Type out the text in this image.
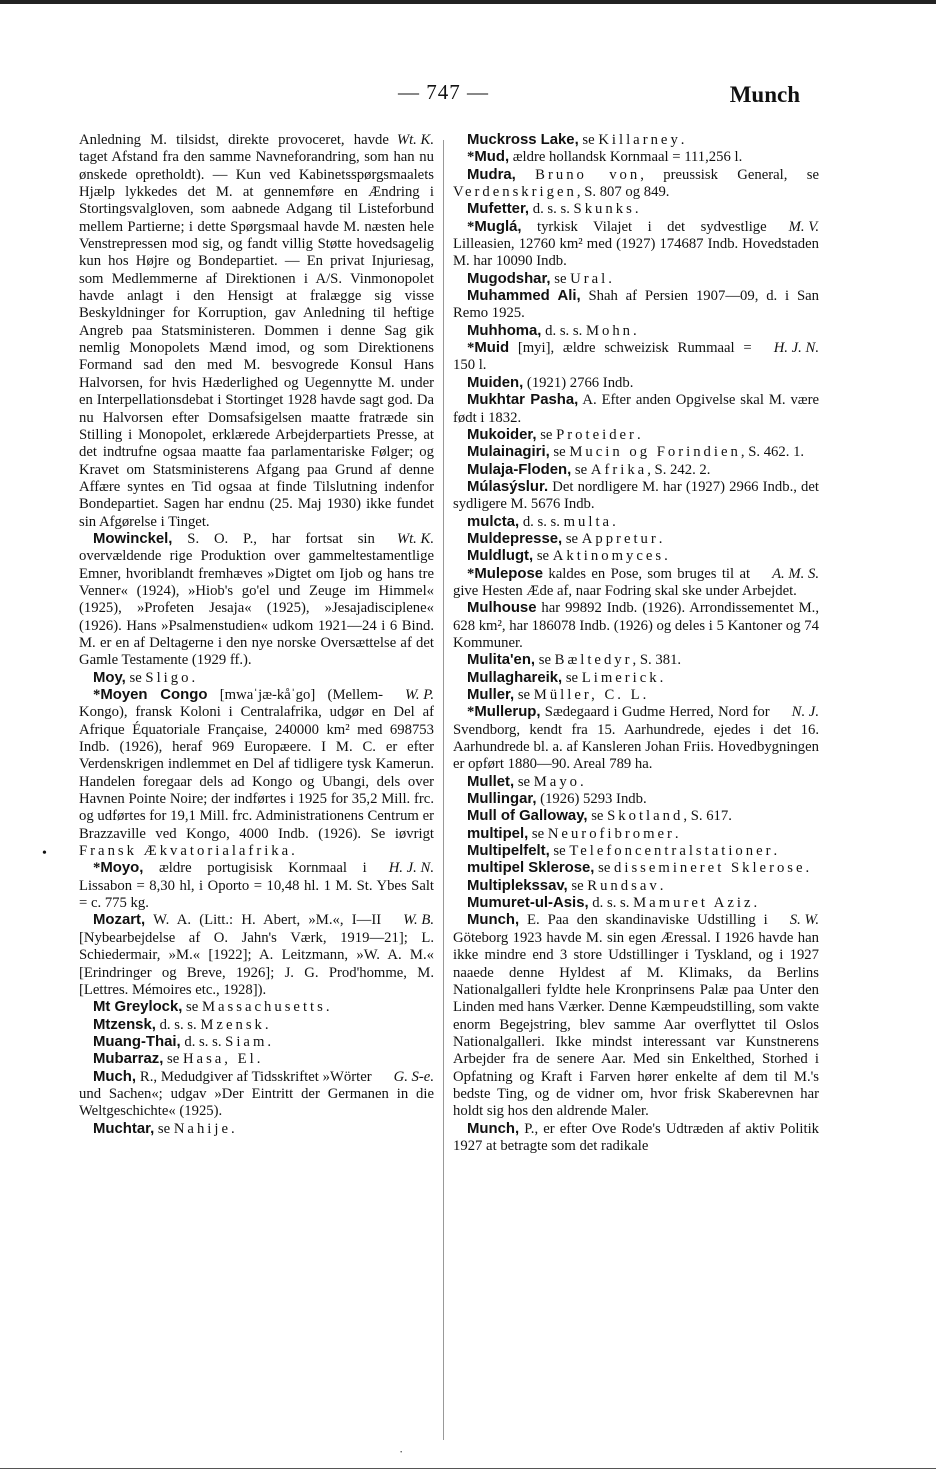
— 747 —	Munch

Wt. K.
Anledning M. tilsidst, direkte provoceret, havde taget Afstand fra den samme Navneforandring, som han nu ønskede opretholdt). — Kun ved Kabinetsspørgsmaalets Hjælp lykkedes det M. at gennemføre en Ændring i Stortingsvalgloven, som aabnede Adgang til Listeforbund mellem Partierne; i dette Spørgsmaal havde M. næsten hele Venstrepressen mod sig, og fandt villig Støtte hovedsagelig kun hos Højre og Bondepartiet. — En privat Injuriesag, som Medlemmerne af Direktionen i A/S. Vinmonopolet havde anlagt i den Hensigt at fralægge sig visse Beskyldninger for Korruption, gav Anledning til heftige Angreb paa Statsministeren. Dommen i denne Sag gik nemlig Monopolets Mænd imod, og som Direktionens Formand sad den med M. besvogrede Konsul Hans Halvorsen, for hvis Hæderlighed og Uegennytte M. under en Interpellationsdebat i Stortinget 1928 havde sagt god. Da nu Halvorsen efter Domsafsigelsen maatte fratræde sin Stilling i Monopolet, erklærede Arbejderpartiets Presse, at det indtrufne ogsaa maatte faa parlamentariske Følger; og Kravet om Statsministerens Afgang paa Grund af denne Affære syntes en Tid ogsaa at finde Tilslutning indenfor Bondepartiet. Sagen har endnu (25. Maj 1930) ikke fundet sin Afgørelse i Tinget.

Wt. K.
Mowinckel, S. O. P., har fortsat sin overvældende rige Produktion over gammeltestamentlige Emner, hvoriblandt fremhæves »Digtet om Ijob og hans tre Venner« (1924), »Hiob's go'el und Zeuge im Himmel« (1925), »Profeten Jesaja« (1925), »Jesajadisciplene« (1926). Hans »Psalmenstudien« udkom 1921—24 i 6 Bind. M. er en af Deltagerne i den nye norske Oversættelse af det Gamle Testamente (1929 ff.).

Moy, se Sligo.

W. P.
*Moyen Congo [mwaˈjæ-kåˈgo] (Mellem-Kongo), fransk Koloni i Centralafrika, udgør en Del af Afrique Équatoriale Française, 240000 km² med 698753 Indb. (1926), heraf 969 Europæere. I M. C. er efter Verdenskrigen indlemmet en Del af tidligere tysk Kamerun. Handelen foregaar dels ad Kongo og Ubangi, dels over Havnen Pointe Noire; der indførtes i 1925 for 35,2 Mill. frc. og udførtes for 19,1 Mill. frc. Administrationens Centrum er Brazzaville ved Kongo, 4000 Indb. (1926). Se iøvrigt Fransk Ækvatorialafrika.

H. J. N.
*Moyo, ældre portugisisk Kornmaal i Lissabon = 8,30 hl, i Oporto = 10,48 hl. 1 M. St. Ybes Salt = c. 775 kg.

W. B.
Mozart, W. A. (Litt.: H. Abert, »M.«, I—II [Nybearbejdelse af O. Jahn's Værk, 1919—21]; L. Schiedermair, »M.« [1922]; A. Leitzmann, »W. A. M.« [Erindringer og Breve, 1926]; J. G. Prod'homme, M. [Lettres. Mémoires etc., 1928]).

Mt Greylock, se Massachusetts.

Mtzensk, d. s. s. Mzensk.

Muang-Thai, d. s. s. Siam.

Mubarraz, se Hasa, El.

G. S-e.
Much, R., Medudgiver af Tidsskriftet »Wörter und Sachen«; udgav »Der Eintritt der Germanen in die Weltgeschichte« (1925).

Muchtar, se Nahije.

Muckross Lake, se Killarney.

*Mud, ældre hollandsk Kornmaal = 111,256 l.

Mudra, Bruno von, preussisk General, se Verdenskrigen, S. 807 og 849.

Mufetter, d. s. s. Skunks.

M. V.
*Muglá, tyrkisk Vilajet i det sydvestlige Lilleasien, 12760 km² med (1927) 174687 Indb. Hovedstaden M. har 10090 Indb.

Mugodshar, se Ural.

Muhammed Ali, Shah af Persien 1907—09, d. i San Remo 1925.

Muhhoma, d. s. s. Mohn.

H. J. N.
*Muid [myi], ældre schweizisk Rummaal = 150 l.

Muiden, (1921) 2766 Indb.

Mukhtar Pasha, A. Efter anden Opgivelse skal M. være født i 1832.

Mukoider, se Proteider.

Mulainagiri, se Mucin og Forindien, S. 462. 1.

Mulaja-Floden, se Afrika, S. 242. 2.

Múlasýslur. Det nordligere M. har (1927) 2966 Indb., det sydligere M. 5676 Indb.

mulcta, d. s. s. multa.

Muldepresse, se Appretur.

Muldlugt, se Aktinomyces.

A. M. S.
*Mulepose kaldes en Pose, som bruges til at give Hesten Æde af, naar Fodring skal ske under Arbejdet.

Mulhouse har 99892 Indb. (1926). Arrondissementet M., 628 km², har 186078 Indb. (1926) og deles i 5 Kantoner og 74 Kommuner.

Mulita'en, se Bæltedyr, S. 381.

Mullaghareik, se Limerick.

Muller, se Müller, C. L.

N. J.
*Mullerup, Sædegaard i Gudme Herred, Nord for Svendborg, kendt fra 15. Aarhundrede, ejedes i det 16. Aarhundrede bl. a. af Kansleren Johan Friis. Hovedbygningen er opført 1880—90. Areal 789 ha.

Mullet, se Mayo.

Mullingar, (1926) 5293 Indb.

Mull of Galloway, se Skotland, S. 617.

multipel, se Neurofibromer.

Multipelfelt, se Telefoncentralstationer.

multipel Sklerose, se dissemineret Sklerose.

Multiplekssav, se Rundsav.

Mumuret-ul-Asis, d. s. s. Mamuret Aziz.

S. W.
Munch, E. Paa den skandinaviske Udstilling i Göteborg 1923 havde M. sin egen Æressal. I 1926 havde han ikke mindre end 3 store Udstillinger i Tyskland, og i 1927 naaede denne Hyldest af M. Klimaks, da Berlins Nationalgalleri fyldte hele Kronprinsens Palæ paa Unter den Linden med hans Værker. Denne Kæmpeudstilling, som vakte enorm Begejstring, blev samme Aar overflyttet til Oslos Nationalgalleri. Ikke mindst interessant var Kunstnerens Arbejder fra de senere Aar. Med sin Enkelthed, Storhed i Opfatning og Kraft i Farven hører enkelte af dem til M.'s bedste Ting, og de vidner om, hvor frisk Skaberevnen har holdt sig hos den aldrende Maler.

Munch, P., er efter Ove Rode's Udtræden af aktiv Politik 1927 at betragte som det radikale

•
·
